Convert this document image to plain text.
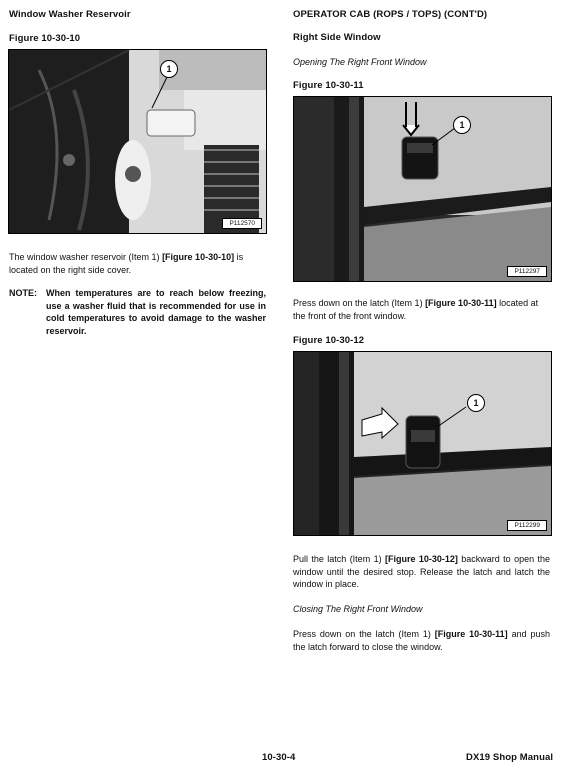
Window Washer Reservoir
Figure 10-30-10
1
P112570
The window washer reservoir (Item 1) [Figure 10-30-10] is located on the right side cover.
NOTE: When temperatures are to reach below freezing, use a washer fluid that is recommended for use in cold temperatures to avoid damage to the washer reservoir.
OPERATOR CAB (ROPS / TOPS) (CONT'D)
Right Side Window
Opening The Right Front Window
Figure 10-30-11
1
P112297
Press down on the latch (Item 1) [Figure 10-30-11] located at the front of the front window.
Figure 10-30-12
1
P112299
Pull the latch (Item 1) [Figure 10-30-12] backward to open the window until the desired stop. Release the latch and latch the window in place.
Closing The Right Front Window
Press down on the latch (Item 1) [Figure 10-30-11] and push the latch forward to close the window.
10-30-4	DX19 Shop Manual
